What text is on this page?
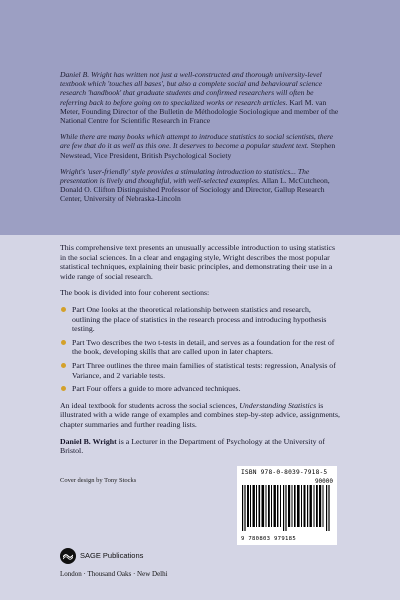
Daniel B. Wright has written not just a well-constructed and thorough university-level textbook which 'touches all bases', but also a complete social and behavioural science research 'handbook' that graduate students and confirmed researchers will often be referring back to before going on to specialized works or research articles. Karl M. van Meter, Founding Director of the Bulletin de Méthodologie Sociologique and member of the National Centre for Scientific Research in France
While there are many books which attempt to introduce statistics to social scientists, there are few that do it as well as this one. It deserves to become a popular student text. Stephen Newstead, Vice President, British Psychological Society
Wright's 'user-friendly' style provides a stimulating introduction to statistics... The presentation is lively and thoughtful, with well-selected examples. Allan L. McCutcheon, Donald O. Clifton Distinguished Professor of Sociology and Director, Gallup Research Center, University of Nebraska-Lincoln

This comprehensive text presents an unusually accessible introduction to using statistics in the social sciences. In a clear and engaging style, Wright describes the most popular statistical techniques, explaining their basic principles, and demonstrating their use in a wide range of social research.

The book is divided into four coherent sections:

Part One looks at the theoretical relationship between statistics and research, outlining the place of statistics in the research process and introducing hypothesis testing.
Part Two describes the two t-tests in detail, and serves as a foundation for the rest of the book, developing skills that are called upon in later chapters.
Part Three outlines the three main families of statistical tests: regression, Analysis of Variance, and 2 variable tests.
Part Four offers a guide to more advanced techniques.

An ideal textbook for students across the social sciences, Understanding Statistics is illustrated with a wide range of examples and combines step-by-step advice, assignments, chapter summaries and further reading lists.

Daniel B. Wright is a Lecturer in the Department of Psychology at the University of Bristol.

Cover design by Tony Stocks
ISBN 978-0-8039-7918-5
90000
9 780803 979185
SAGE Publications
London · Thousand Oaks · New Delhi
